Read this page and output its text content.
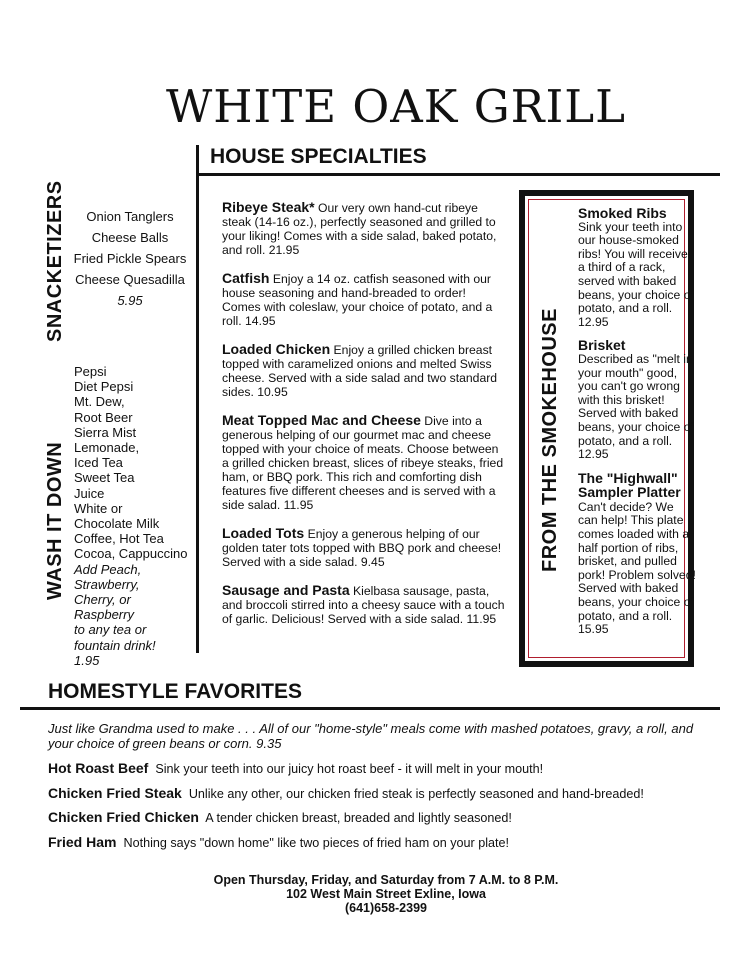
WHITE OAK GRILL
HOUSE SPECIALTIES
SNACKETIZERS	Onion Tanglers
Cheese Balls
Fried Pickle Spears
Cheese Quesadilla
5.95
WASH IT DOWN
Pepsi
Diet Pepsi
Mt. Dew,
Root Beer
Sierra Mist
Lemonade,
Iced Tea
Sweet Tea
Juice
White or
Chocolate Milk
Coffee, Hot Tea
Cocoa, Cappuccino
Add Peach,
Strawberry,
Cherry, or
Raspberry
to any tea or
fountain drink!
1.95
Ribeye Steak* Our very own hand-cut ribeye steak (14-16 oz.), perfectly seasoned and grilled to your liking! Comes with a side salad, baked potato, and roll. 21.95
Catfish Enjoy a 14 oz. catfish seasoned with our house seasoning and hand-breaded to order! Comes with coleslaw, your choice of potato, and a roll. 14.95
Loaded Chicken Enjoy a grilled chicken breast topped with caramelized onions and melted Swiss cheese. Served with a side salad and two standard sides. 10.95
Meat Topped Mac and Cheese Dive into a generous helping of our gourmet mac and cheese topped with your choice of meats. Choose between a grilled chicken breast, slices of ribeye steaks, fried ham, or BBQ pork. This rich and comforting dish features five different cheeses and is served with a side salad. 11.95
Loaded Tots Enjoy a generous helping of our golden tater tots topped with BBQ pork and cheese! Served with a side salad. 9.45
Sausage and Pasta Kielbasa sausage, pasta, and broccoli stirred into a cheesy sauce with a touch of garlic. Delicious! Served with a side salad. 11.95
FROM THE SMOKEHOUSE
Smoked Ribs
Sink your teeth into our house-smoked ribs! You will receive a third of a rack, served with baked beans, your choice of potato, and a roll. 12.95
Brisket
Described as "melt in your mouth" good, you can't go wrong with this brisket! Served with baked beans, your choice of potato, and a roll. 12.95
The "Highwall" Sampler Platter Can't decide? We can help! This plate comes loaded with a half portion of ribs, brisket, and pulled pork! Problem solved! Served with baked beans, your choice of potato, and a roll. 15.95
HOMESTYLE FAVORITES
Just like Grandma used to make . . . All of our "home-style" meals come with mashed potatoes, gravy, a roll, and your choice of green beans or corn. 9.35
Hot Roast Beef Sink your teeth into our juicy hot roast beef - it will melt in your mouth!
Chicken Fried Steak Unlike any other, our chicken fried steak is perfectly seasoned and hand-breaded!
Chicken Fried Chicken A tender chicken breast, breaded and lightly seasoned!
Fried Ham Nothing says "down home" like two pieces of fried ham on your plate!
Open Thursday, Friday, and Saturday from 7 A.M. to 8 P.M.
102 West Main Street Exline, Iowa
(641)658-2399
